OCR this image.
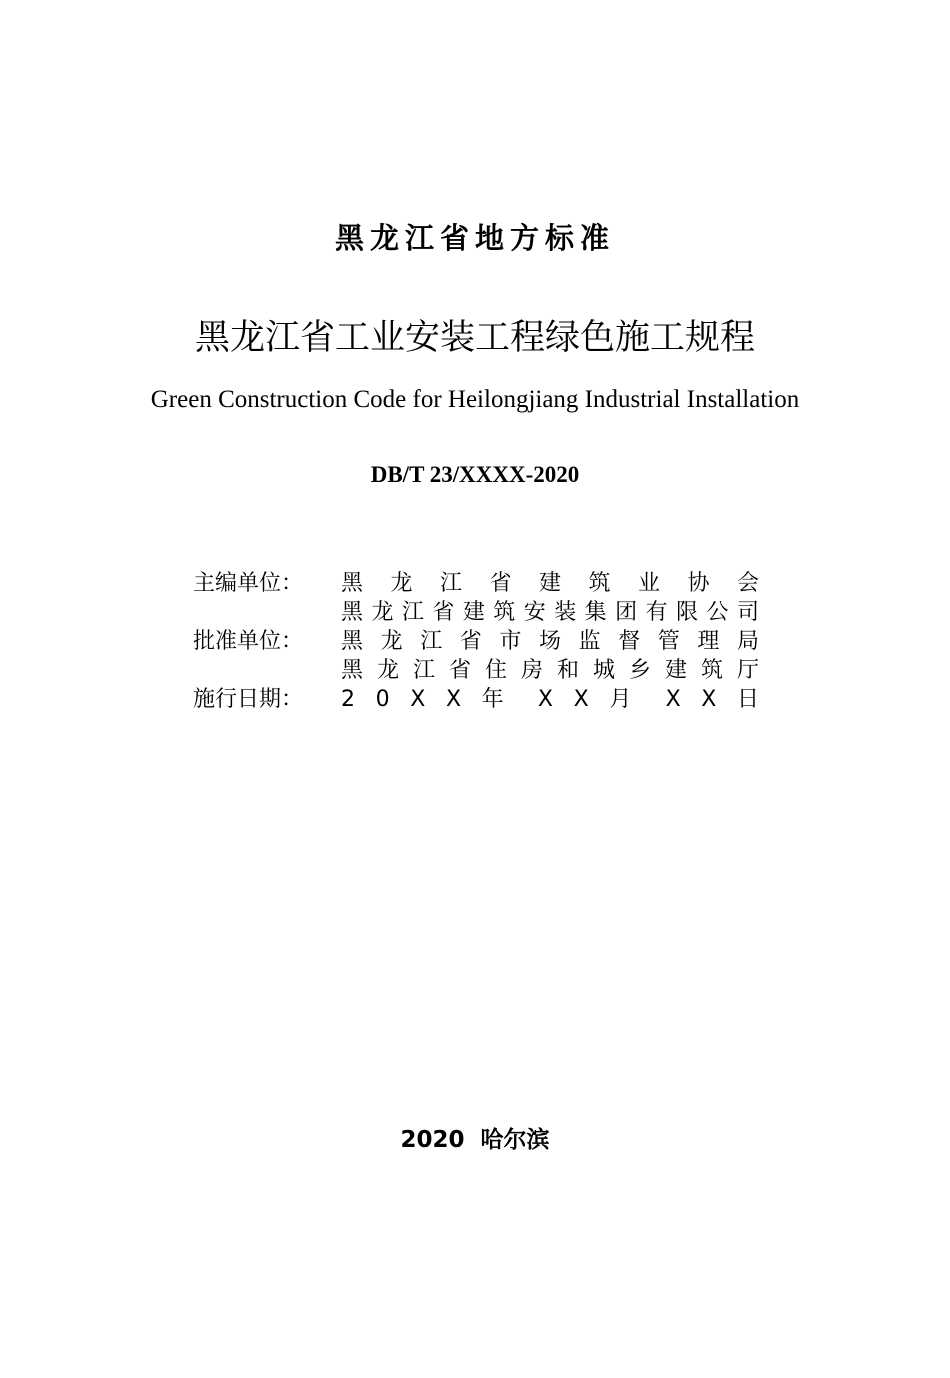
黑龙江省地方标准
黑龙江省工业安装工程绿色施工规程
Green Construction Code for Heilongjiang Industrial Installation
DB/T 23/XXXX-2020
主编单位：	黑 龙 江 省 建 筑 业 协 会
黑龙江省建筑安装集团有限公司
批准单位：	黑 龙 江 省 市 场 监 督 管 理 局
黑 龙 江 省 住 房 和 城 乡 建 筑 厅
施行日期：	2 0 X X 年 X X 月 X X 日
2020 哈尔滨
